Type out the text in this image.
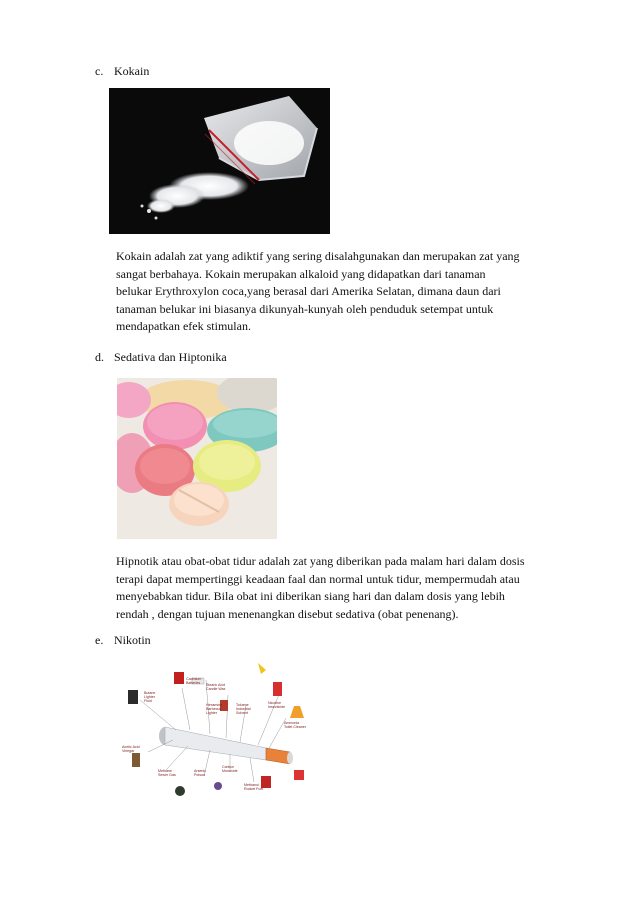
c. Kokain

Kokain adalah zat yang adiktif yang sering disalahgunakan dan merupakan zat yang
sangat berbahaya. Kokain merupakan alkaloid yang didapatkan dari tanaman
belukar Erythroxylon coca,yang berasal dari Amerika Selatan, dimana daun dari
tanaman belukar ini biasanya dikunyah-kunyah oleh penduduk setempat untuk
mendapatkan efek stimulan.

d. Sedativa dan Hiptonika

Hipnotik atau obat-obat tidur adalah zat yang diberikan pada malam hari dalam dosis
terapi dapat mempertinggi keadaan faal dan normal untuk tidur, mempermudah atau
menyebabkan tidur. Bila obat ini diberikan siang hari dan dalam dosis yang lebih
rendah , dengan tujuan menenangkan disebut sedativa (obat penenang).

e. Nikotin
Butane Lighter Fluid
Cadmium Batteries	Stearic Acid Candle Wax
Hexamine Barbecue Lighter
Toluene Industrial Solvent
Nicotine Insecticide
Ammonia Toilet Cleaner
Acetic Acid Vinegar
Methane Sewer Gas
Arsenic Poison
Carbon Monoxide
Methanol Rocket Fuel
